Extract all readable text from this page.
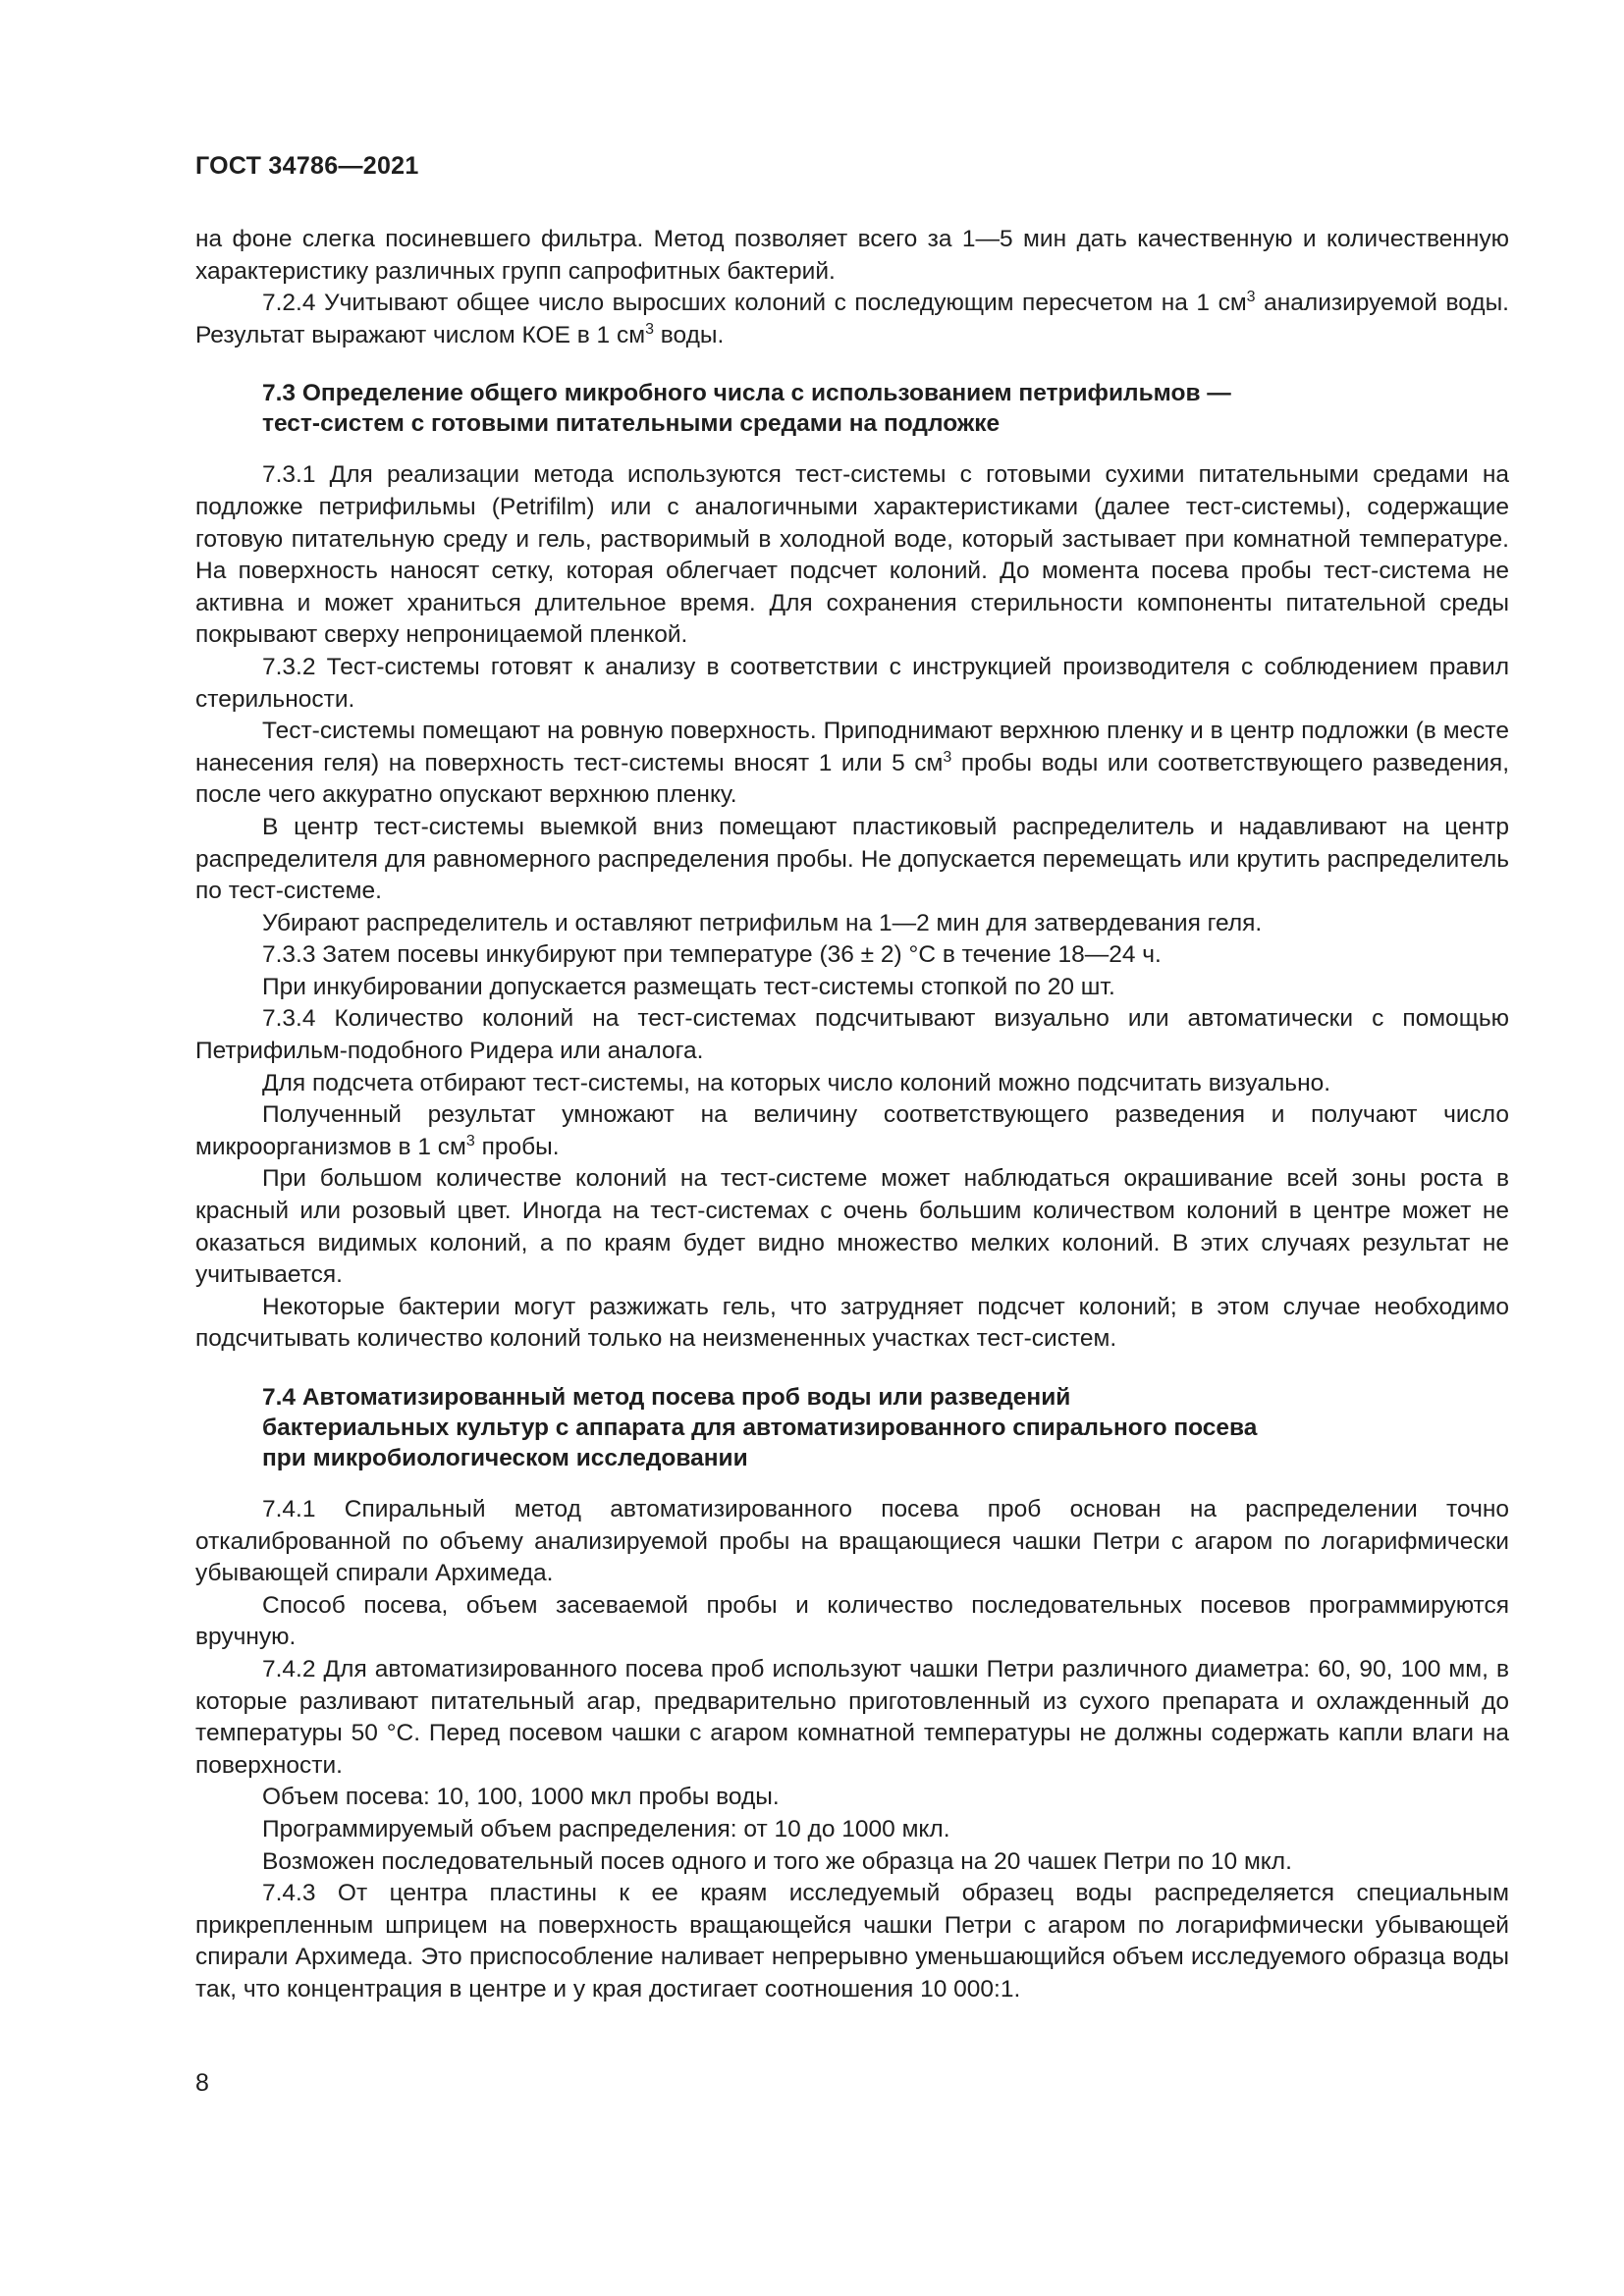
ГОСТ 34786—2021

на фоне слегка посиневшего фильтра. Метод позволяет всего за 1—5 мин дать качественную и количественную характеристику различных групп сапрофитных бактерий.

7.2.4 Учитывают общее число выросших колоний с последующим пересчетом на 1 $см^3$ анализируемой воды. Результат выражают числом КОЕ в 1 $см^3$ воды.

7.3 Определение общего микробного числа с использованием петрифильмов —
тест-систем с готовыми питательными средами на подложке

7.3.1 Для реализации метода используются тест-системы с готовыми сухими питательными средами на подложке петрифильмы (Petrifilm) или с аналогичными характеристиками (далее тест-системы), содержащие готовую питательную среду и гель, растворимый в холодной воде, который застывает при комнатной температуре. На поверхность наносят сетку, которая облегчает подсчет колоний. До момента посева пробы тест-система не активна и может храниться длительное время. Для сохранения стерильности компоненты питательной среды покрывают сверху непроницаемой пленкой.

7.3.2 Тест-системы готовят к анализу в соответствии с инструкцией производителя с соблюдением правил стерильности.

Тест-системы помещают на ровную поверхность. Приподнимают верхнюю пленку и в центр подложки (в месте нанесения геля) на поверхность тест-системы вносят 1 или 5 $см^3$ пробы воды или соответствующего разведения, после чего аккуратно опускают верхнюю пленку.

В центр тест-системы выемкой вниз помещают пластиковый распределитель и надавливают на центр распределителя для равномерного распределения пробы. Не допускается перемещать или крутить распределитель по тест-системе.

Убирают распределитель и оставляют петрифильм на 1—2 мин для затвердевания геля.

7.3.3 Затем посевы инкубируют при температуре (36 ± 2) °С в течение 18—24 ч.

При инкубировании допускается размещать тест-системы стопкой по 20 шт.

7.3.4 Количество колоний на тест-системах подсчитывают визуально или автоматически с помощью Петрифильм-подобного Ридера или аналога.

Для подсчета отбирают тест-системы, на которых число колоний можно подсчитать визуально.

Полученный результат умножают на величину соответствующего разведения и получают число микроорганизмов в 1 $см^3$ пробы.

При большом количестве колоний на тест-системе может наблюдаться окрашивание всей зоны роста в красный или розовый цвет. Иногда на тест-системах с очень большим количеством колоний в центре может не оказаться видимых колоний, а по краям будет видно множество мелких колоний. В этих случаях результат не учитывается.

Некоторые бактерии могут разжижать гель, что затрудняет подсчет колоний; в этом случае необходимо подсчитывать количество колоний только на неизмененных участках тест-систем.

7.4 Автоматизированный метод посева проб воды или разведений
бактериальных культур с аппарата для автоматизированного спирального посева
при микробиологическом исследовании

7.4.1 Спиральный метод автоматизированного посева проб основан на распределении точно откалиброванной по объему анализируемой пробы на вращающиеся чашки Петри с агаром по логарифмически убывающей спирали Архимеда.

Способ посева, объем засеваемой пробы и количество последовательных посевов программируются вручную.

7.4.2 Для автоматизированного посева проб используют чашки Петри различного диаметра: 60, 90, 100 мм, в которые разливают питательный агар, предварительно приготовленный из сухого препарата и охлажденный до температуры 50 °С. Перед посевом чашки с агаром комнатной температуры не должны содержать капли влаги на поверхности.

Объем посева: 10, 100, 1000 мкл пробы воды.

Программируемый объем распределения: от 10 до 1000 мкл.

Возможен последовательный посев одного и того же образца на 20 чашек Петри по 10 мкл.

7.4.3 От центра пластины к ее краям исследуемый образец воды распределяется специальным прикрепленным шприцем на поверхность вращающейся чашки Петри с агаром по логарифмически убывающей спирали Архимеда. Это приспособление наливает непрерывно уменьшающийся объем исследуемого образца воды так, что концентрация в центре и у края достигает соотношения 10 000:1.

8
